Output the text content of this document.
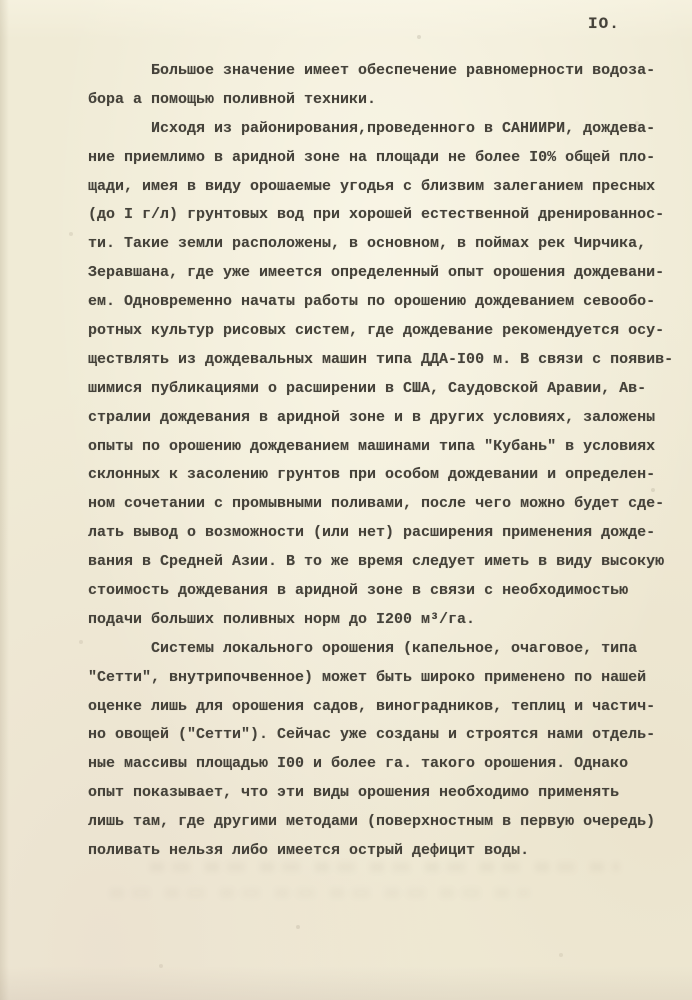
IO.
Большое значение имеет обеспечение равномерности водоза-
бора а помощью поливной техники.
Исходя из районирования,проведенного в САНИИРИ, дождева-
ние приемлимо в аридной зоне на площади не более I0% общей пло-
щади, имея в виду орошаемые угодья с близвим залеганием пресных
(до I г/л) грунтовых вод при хорошей естественной дренированнос-
ти. Такие земли расположены, в основном, в поймах рек Чирчика,
Зеравшана, где уже имеется определенный опыт орошения дождевани-
ем. Одновременно начаты работы по орошению дождеванием севообо-
ротных культур рисовых систем, где дождевание рекомендуется осу-
ществлять из дождевальных машин типа ДДА-I00 м. В связи с появив-
шимися публикациями о расширении в США, Саудовской Аравии, Ав-
стралии дождевания в аридной зоне и в других условиях, заложены
опыты по орошению дождеванием машинами типа "Кубань" в условиях
склонных к засолению грунтов при особом дождевании и определен-
ном сочетании с промывными поливами, после чего можно будет сде-
лать вывод о возможности (или нет) расширения применения дожде-
вания в Средней Азии. В то же время следует иметь в виду высокую
стоимость дождевания в аридной зоне в связи с необходимостью
подачи больших поливных норм до I200 м³/га.
Системы локального орошения (капельное, очаговое, типа
"Сетти", внутрипочвенное) может быть широко применено по нашей
оценке лишь для орошения садов, виноградников, теплиц и частич-
но овощей ("Сетти"). Сейчас уже созданы и строятся нами отдель-
ные массивы площадью I00 и более га. такого орошения. Однако
опыт показывает, что эти виды орошения необходимо применять
лишь там, где другими методами (поверхностным в первую очередь)
поливать нельзя либо имеется острый дефицит воды.
